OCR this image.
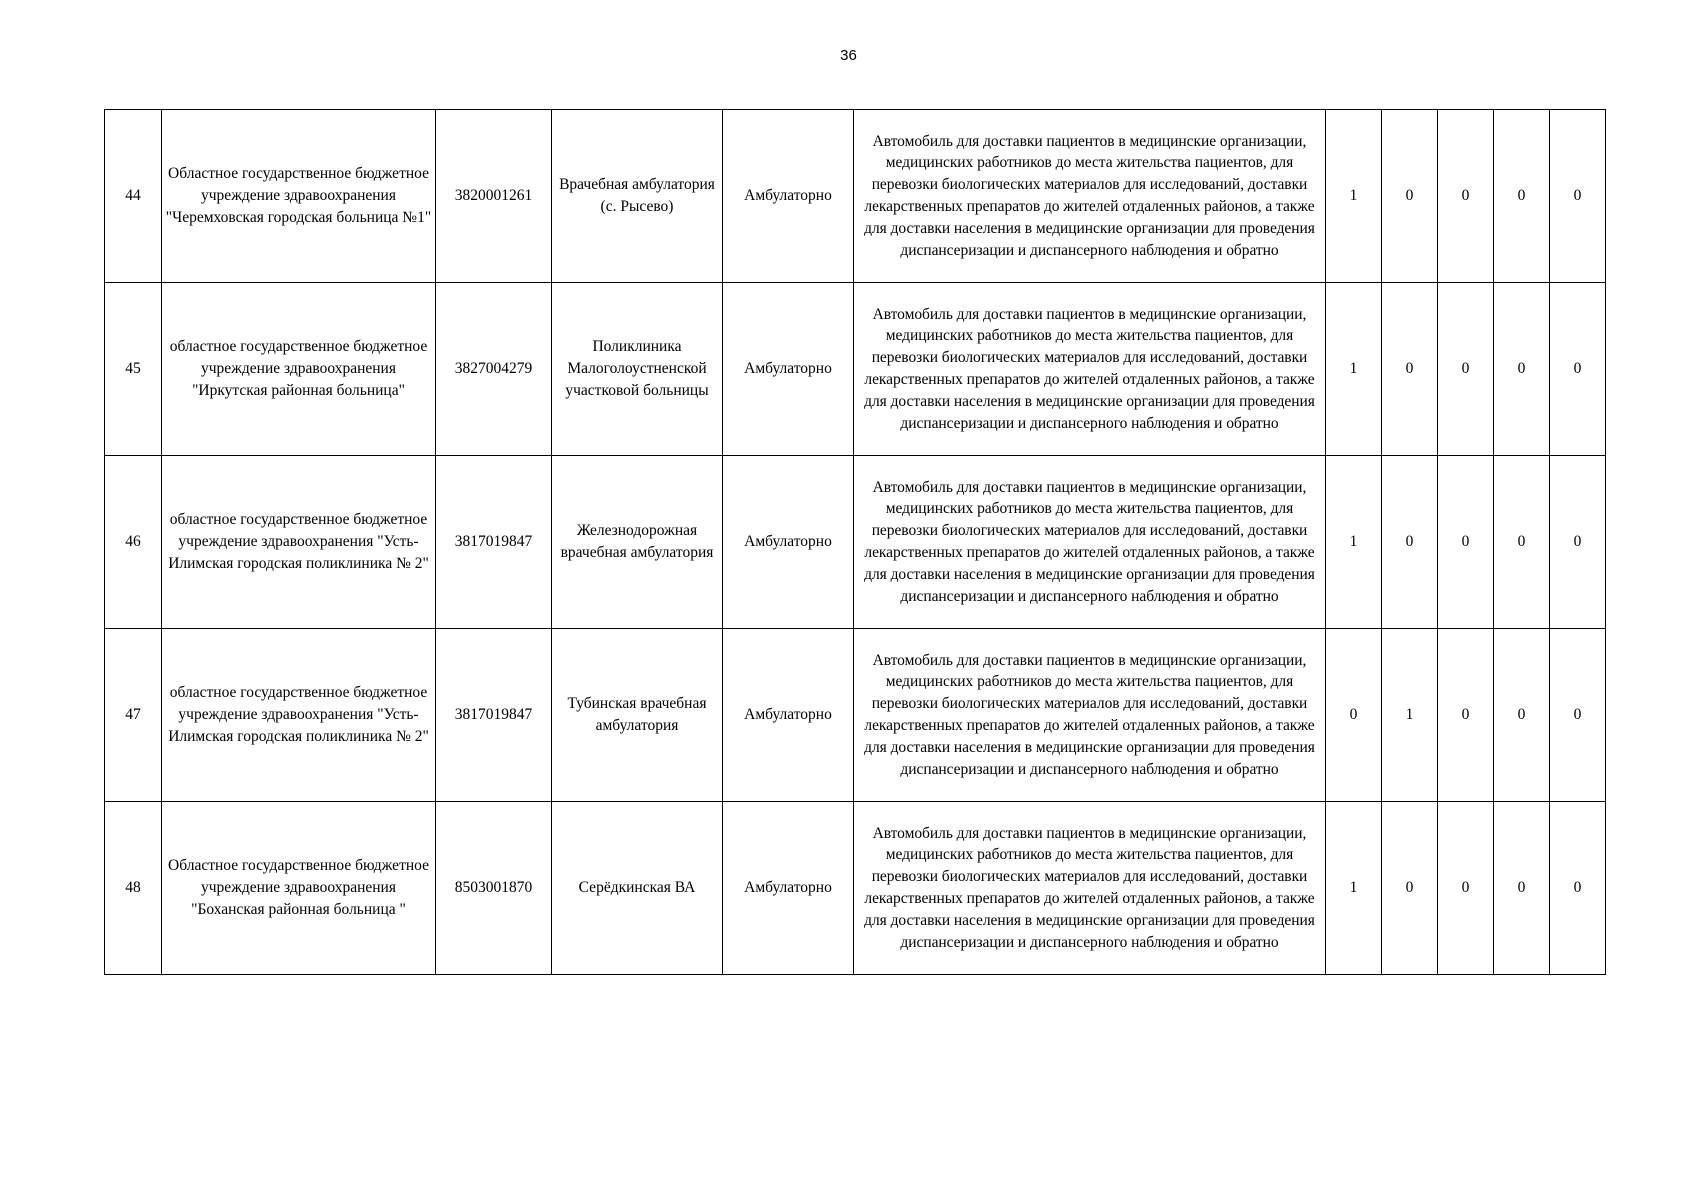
36
44	Областное государственное бюджетное учреждение здравоохранения "Черемховская городская больница №1"	3820001261	Врачебная амбулатория (с. Рысево)	Амбулаторно	Автомобиль для доставки пациентов в медицинские организации, медицинских работников до места жительства пациентов, для перевозки биологических материалов для исследований, доставки лекарственных препаратов до жителей отдаленных районов, а также для доставки населения в медицинские организации для проведения диспансеризации и диспансерного наблюдения и обратно	1	0	0	0	0
45	областное государственное бюджетное учреждение здравоохранения "Иркутская районная больница"	3827004279	Поликлиника Малоголоустненской участковой больницы	Амбулаторно	Автомобиль для доставки пациентов в медицинские организации, медицинских работников до места жительства пациентов, для перевозки биологических материалов для исследований, доставки лекарственных препаратов до жителей отдаленных районов, а также для доставки населения в медицинские организации для проведения диспансеризации и диспансерного наблюдения и обратно	1	0	0	0	0
46	областное государственное бюджетное учреждение здравоохранения "Усть-Илимская городская поликлиника № 2"	3817019847	Железнодорожная врачебная амбулатория	Амбулаторно	Автомобиль для доставки пациентов в медицинские организации, медицинских работников до места жительства пациентов, для перевозки биологических материалов для исследований, доставки лекарственных препаратов до жителей отдаленных районов, а также для доставки населения в медицинские организации для проведения диспансеризации и диспансерного наблюдения и обратно	1	0	0	0	0
47	областное государственное бюджетное учреждение здравоохранения "Усть-Илимская городская поликлиника № 2"	3817019847	Тубинская врачебная амбулатория	Амбулаторно	Автомобиль для доставки пациентов в медицинские организации, медицинских работников до места жительства пациентов, для перевозки биологических материалов для исследований, доставки лекарственных препаратов до жителей отдаленных районов, а также для доставки населения в медицинские организации для проведения диспансеризации и диспансерного наблюдения и обратно	0	1	0	0	0
48	Областное государственное бюджетное учреждение здравоохранения "Боханская районная больница "	8503001870	Серёдкинская ВА	Амбулаторно	Автомобиль для доставки пациентов в медицинские организации, медицинских работников до места жительства пациентов, для перевозки биологических материалов для исследований, доставки лекарственных препаратов до жителей отдаленных районов, а также для доставки населения в медицинские организации для проведения диспансеризации и диспансерного наблюдения и обратно	1	0	0	0	0
